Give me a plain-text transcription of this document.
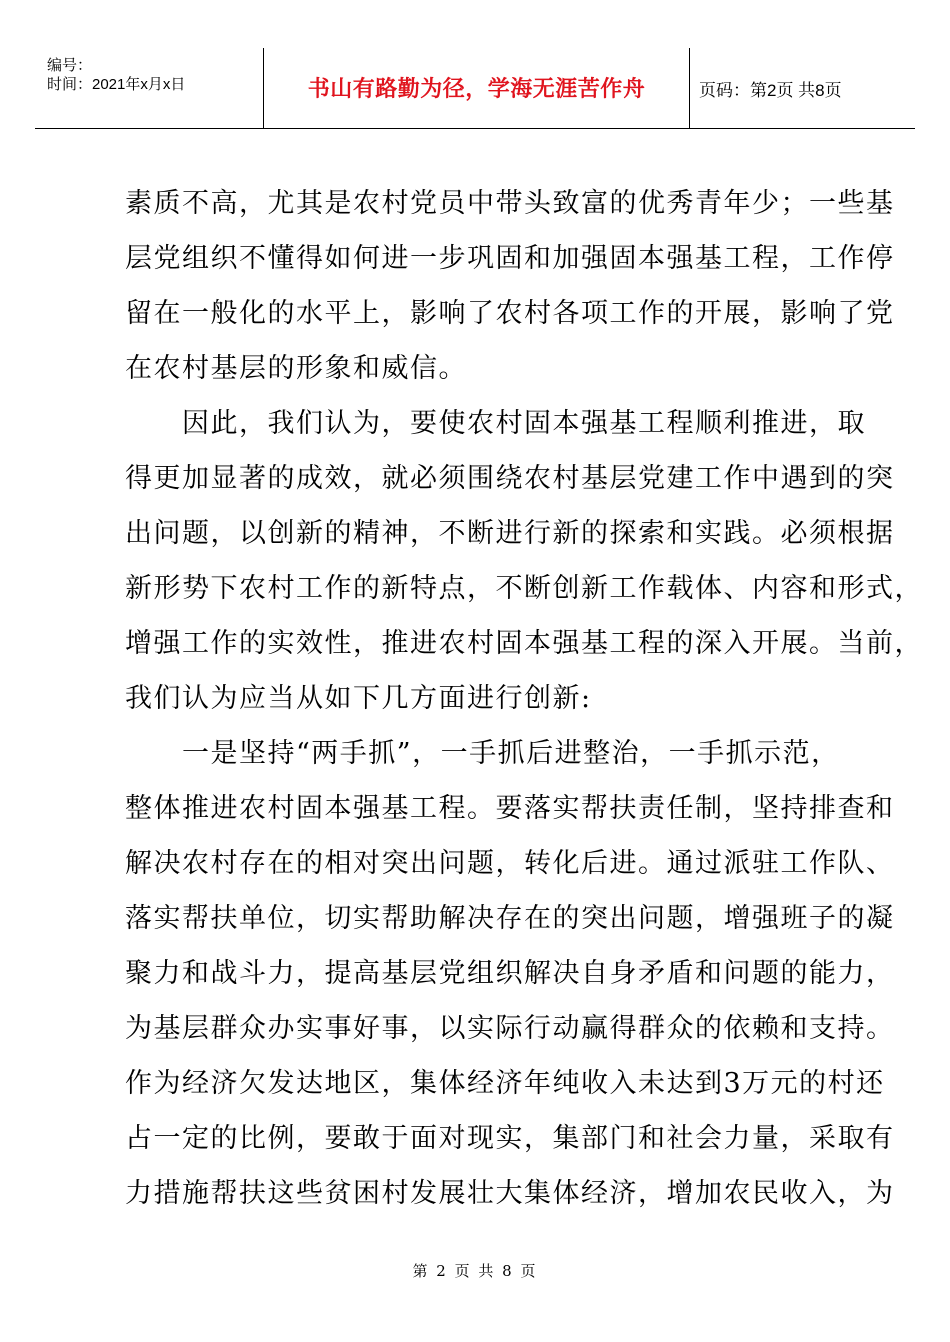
编号：
时间：2021年x月x日	书山有路勤为径，学海无涯苦作舟	页码：第2页 共8页
素质不高，尤其是农村党员中带头致富的优秀青年少；一些基
层党组织不懂得如何进一步巩固和加强固本强基工程，工作停
留在一般化的水平上，影响了农村各项工作的开展，影响了党
在农村基层的形象和威信。
　　因此，我们认为，要使农村固本强基工程顺利推进，取
得更加显著的成效，就必须围绕农村基层党建工作中遇到的突
出问题，以创新的精神，不断进行新的探索和实践。必须根据
新形势下农村工作的新特点，不断创新工作载体、内容和形式，
增强工作的实效性，推进农村固本强基工程的深入开展。当前，
我们认为应当从如下几方面进行创新:
　　一是坚持“两手抓”，一手抓后进整治，一手抓示范，
整体推进农村固本强基工程。要落实帮扶责任制，坚持排查和
解决农村存在的相对突出问题，转化后进。通过派驻工作队、
落实帮扶单位，切实帮助解决存在的突出问题，增强班子的凝
聚力和战斗力，提高基层党组织解决自身矛盾和问题的能力，
为基层群众办实事好事，以实际行动赢得群众的依赖和支持。
作为经济欠发达地区，集体经济年纯收入未达到3万元的村还
占一定的比例，要敢于面对现实，集部门和社会力量，采取有
力措施帮扶这些贫困村发展壮大集体经济，增加农民收入，为
第 2 页 共 8 页
